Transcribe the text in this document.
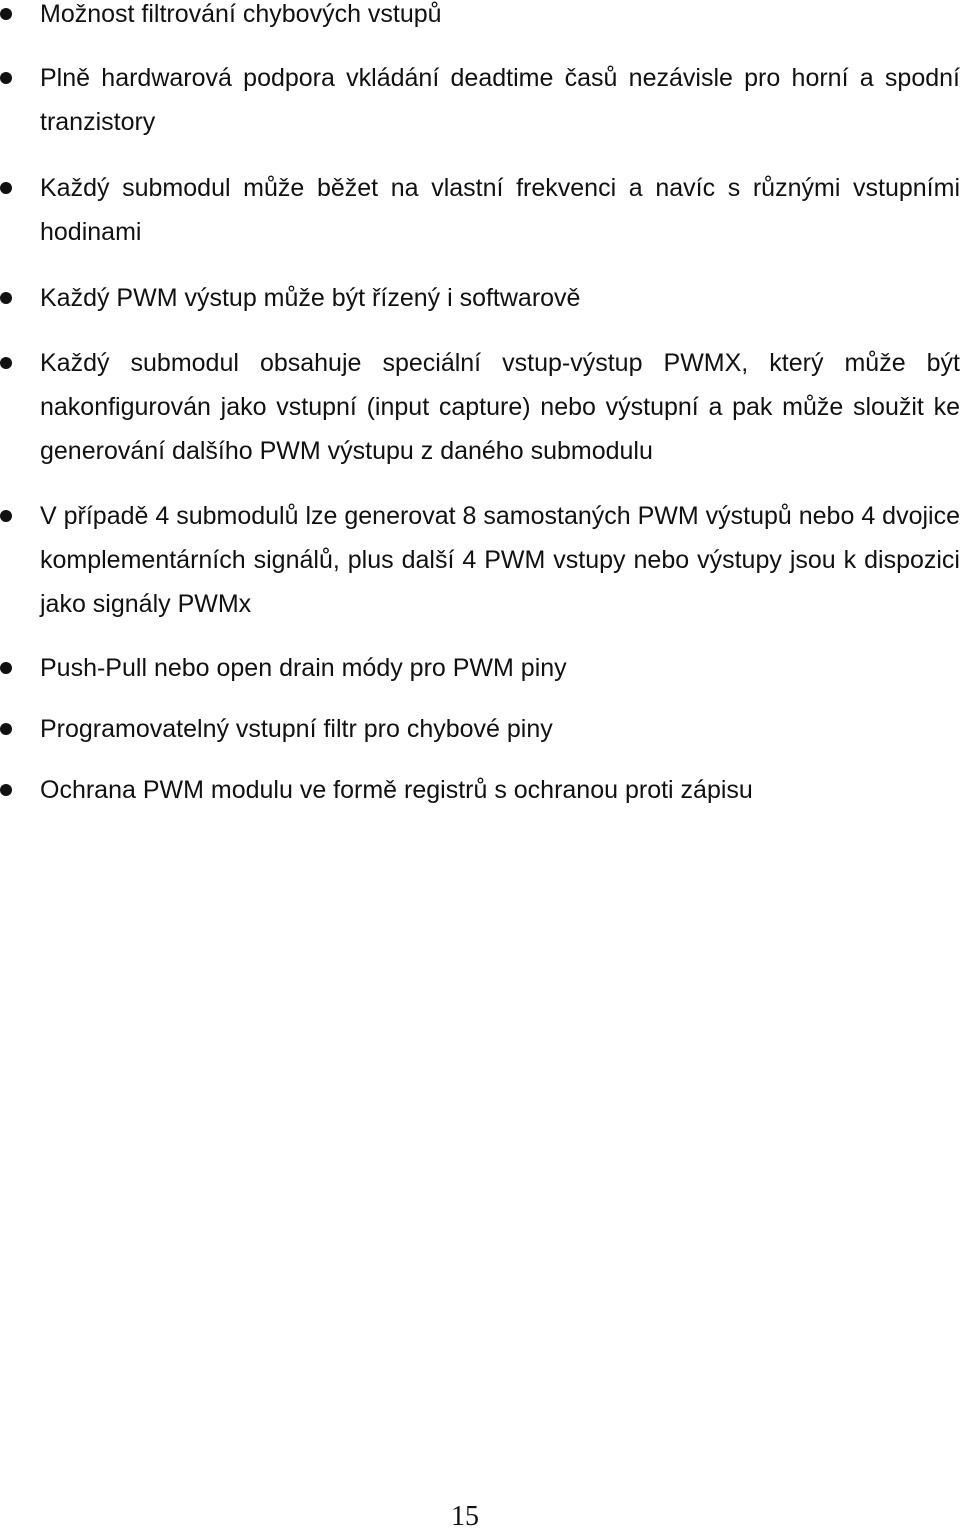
Možnost filtrování chybových vstupů
Plně hardwarová podpora vkládání deadtime časů nezávisle pro horní a spodní tranzistory
Každý submodul může běžet na vlastní frekvenci a navíc s různými vstupními hodinami
Každý PWM výstup může být řízený i softwarově
Každý submodul obsahuje speciální vstup-výstup PWMX, který může být nakonfigurován jako vstupní (input capture) nebo výstupní a pak může sloužit ke generování dalšího PWM výstupu z daného submodulu
V případě 4 submodulů lze generovat 8 samostaných PWM výstupů nebo 4 dvojice komplementárních signálů, plus další 4 PWM vstupy nebo výstupy jsou k dispozici jako signály PWMx
Push-Pull nebo open drain módy pro PWM piny
Programovatelný vstupní filtr pro chybové piny
Ochrana PWM modulu ve formě registrů s ochranou proti zápisu
15
